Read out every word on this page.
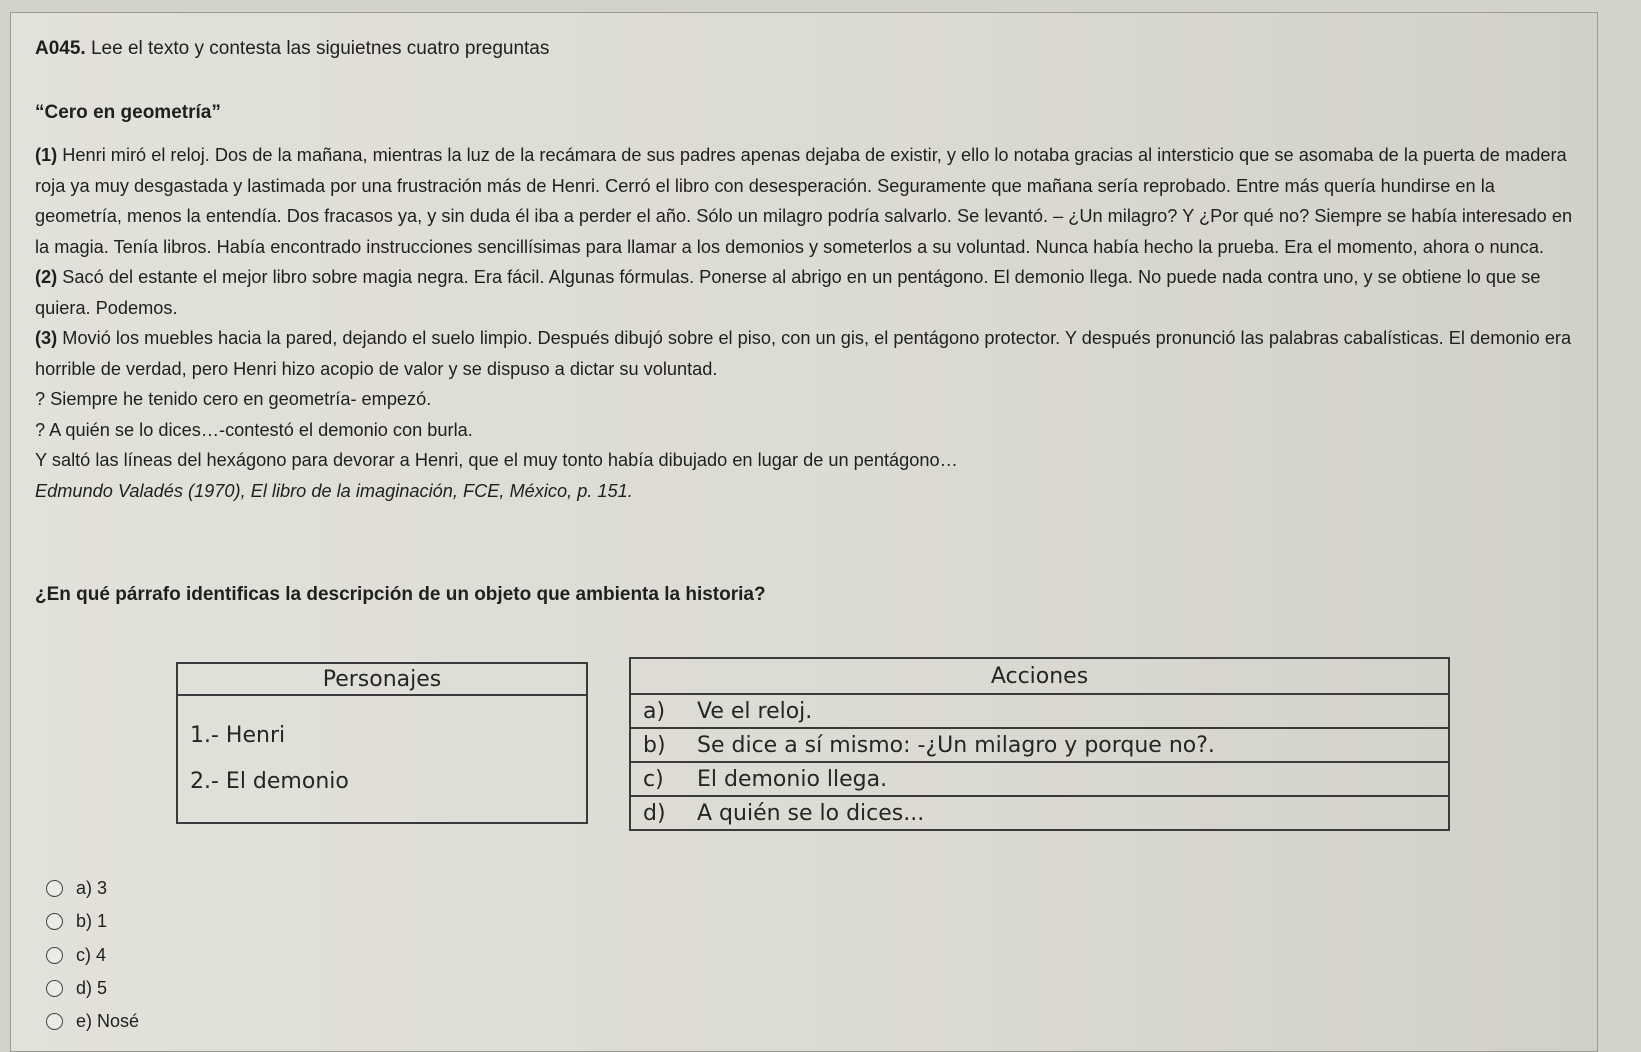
A045. Lee el texto y contesta las siguietnes cuatro preguntas
“Cero en geometría”

(1) Henri miró el reloj. Dos de la mañana, mientras la luz de la recámara de sus padres apenas dejaba de existir, y ello lo notaba gracias al intersticio que se asomaba de la puerta de madera roja ya muy desgastada y lastimada por una frustración más de Henri. Cerró el libro con desesperación. Seguramente que mañana sería reprobado. Entre más quería hundirse en la geometría, menos la entendía. Dos fracasos ya, y sin duda él iba a perder el año. Sólo un milagro podría salvarlo. Se levantó. – ¿Un milagro? Y ¿Por qué no? Siempre se había interesado en la magia. Tenía libros. Había encontrado instrucciones sencillísimas para llamar a los demonios y someterlos a su voluntad. Nunca había hecho la prueba. Era el momento, ahora o nunca.

(2) Sacó del estante el mejor libro sobre magia negra. Era fácil. Algunas fórmulas. Ponerse al abrigo en un pentágono. El demonio llega. No puede nada contra uno, y se obtiene lo que se quiera. Podemos.

(3) Movió los muebles hacia la pared, dejando el suelo limpio. Después dibujó sobre el piso, con un gis, el pentágono protector. Y después pronunció las palabras cabalísticas. El demonio era horrible de verdad, pero Henri hizo acopio de valor y se dispuso a dictar su voluntad.

? Siempre he tenido cero en geometría- empezó.

? A quién se lo dices…-contestó el demonio con burla.

Y saltó las líneas del hexágono para devorar a Henri, que el muy tonto había dibujado en lugar de un pentágono…

Edmundo Valadés (1970), El libro de la imaginación, FCE, México, p. 151.

¿En qué párrafo identificas la descripción de un objeto que ambienta la historia?
Personajes
1.- Henri
2.- El demonio
Acciones
a) Ve el reloj.
b) Se dice a sí mismo: -¿Un milagro y porque no?.
c) El demonio llega.
d) A quién se lo dices...
a) 3
b) 1
c) 4
d) 5
e) Nosé
